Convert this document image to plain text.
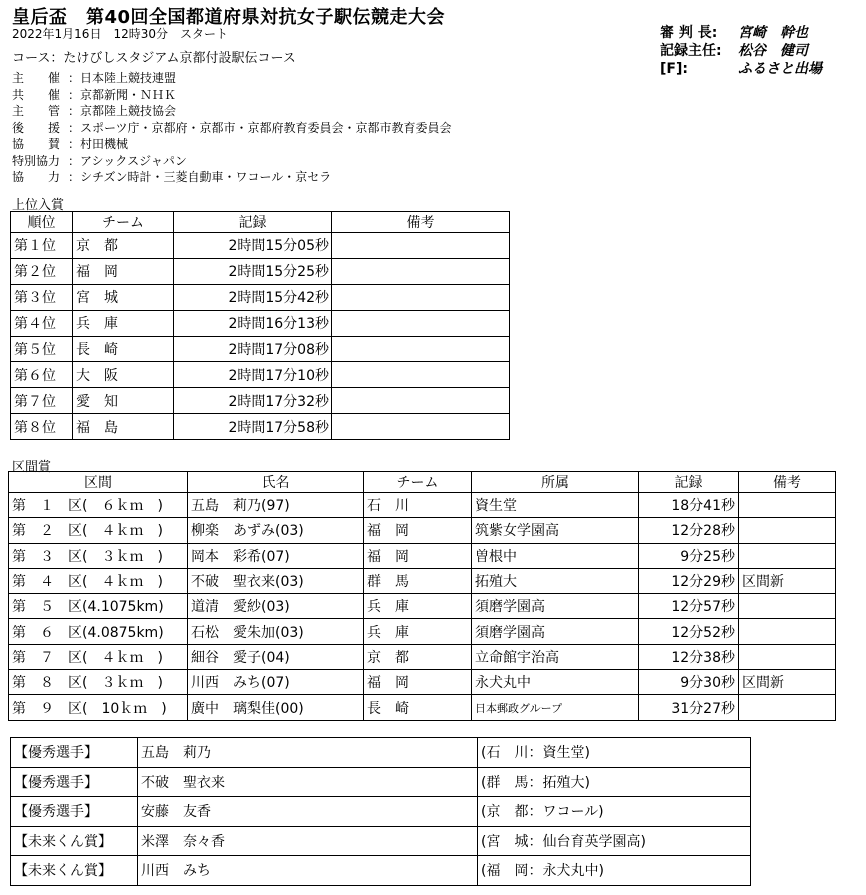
皇后盃　第40回全国都道府県対抗女子駅伝競走大会
2022年1月16日　12時30分　スタート
コース：たけびしスタジアム京都付設駅伝コース
審 判 長:	宮崎　幹也
記録主任:	松谷　健司
[F]:	ふるさと出場
主　　催 ：日本陸上競技連盟
共　　催 ：京都新聞・ＮＨＫ
主　　管 ：京都陸上競技協会
後　　援 ：スポーツ庁・京都府・京都市・京都府教育委員会・京都市教育委員会
協　　賛 ：村田機械
特別協力 ：アシックスジャパン
協　　力 ：シチズン時計・三菱自動車・ワコール・京セラ
上位入賞
順位	チーム	記録	備考
第１位	京　都	2時間15分05秒	
第２位	福　岡	2時間15分25秒	
第３位	宮　城	2時間15分42秒	
第４位	兵　庫	2時間16分13秒	
第５位	長　崎	2時間17分08秒	
第６位	大　阪	2時間17分10秒	
第７位	愛　知	2時間17分32秒	
第８位	福　島	2時間17分58秒	
区間賞
区間	氏名	チーム	所属	記録	備考
第　１　区(　６ｋｍ　)	五島　莉乃(97)	石　川	資生堂	18分41秒	
第　２　区(　４ｋｍ　)	柳楽　あずみ(03)	福　岡	筑紫女学園高	12分28秒	
第　３　区(　３ｋｍ　)	岡本　彩希(07)	福　岡	曽根中	9分25秒	
第　４　区(　４ｋｍ　)	不破　聖衣来(03)	群　馬	拓殖大	12分29秒	区間新
第　５　区(4.1075km)	道清　愛紗(03)	兵　庫	須磨学園高	12分57秒	
第　６　区(4.0875km)	石松　愛朱加(03)	兵　庫	須磨学園高	12分52秒	
第　７　区(　４ｋｍ　)	細谷　愛子(04)	京　都	立命館宇治高	12分38秒	
第　８　区(　３ｋｍ　)	川西　みち(07)	福　岡	永犬丸中	9分30秒	区間新
第　９　区(　10ｋｍ　)	廣中　璃梨佳(00)	長　崎	日本郵政グループ	31分27秒	
【優秀選手】	五島　莉乃	(石　川：資生堂)
【優秀選手】	不破　聖衣来	(群　馬：拓殖大)
【優秀選手】	安藤　友香	(京　都：ワコール)
【未来くん賞】	米澤　奈々香	(宮　城：仙台育英学園高)
【未来くん賞】	川西　みち	(福　岡：永犬丸中)
